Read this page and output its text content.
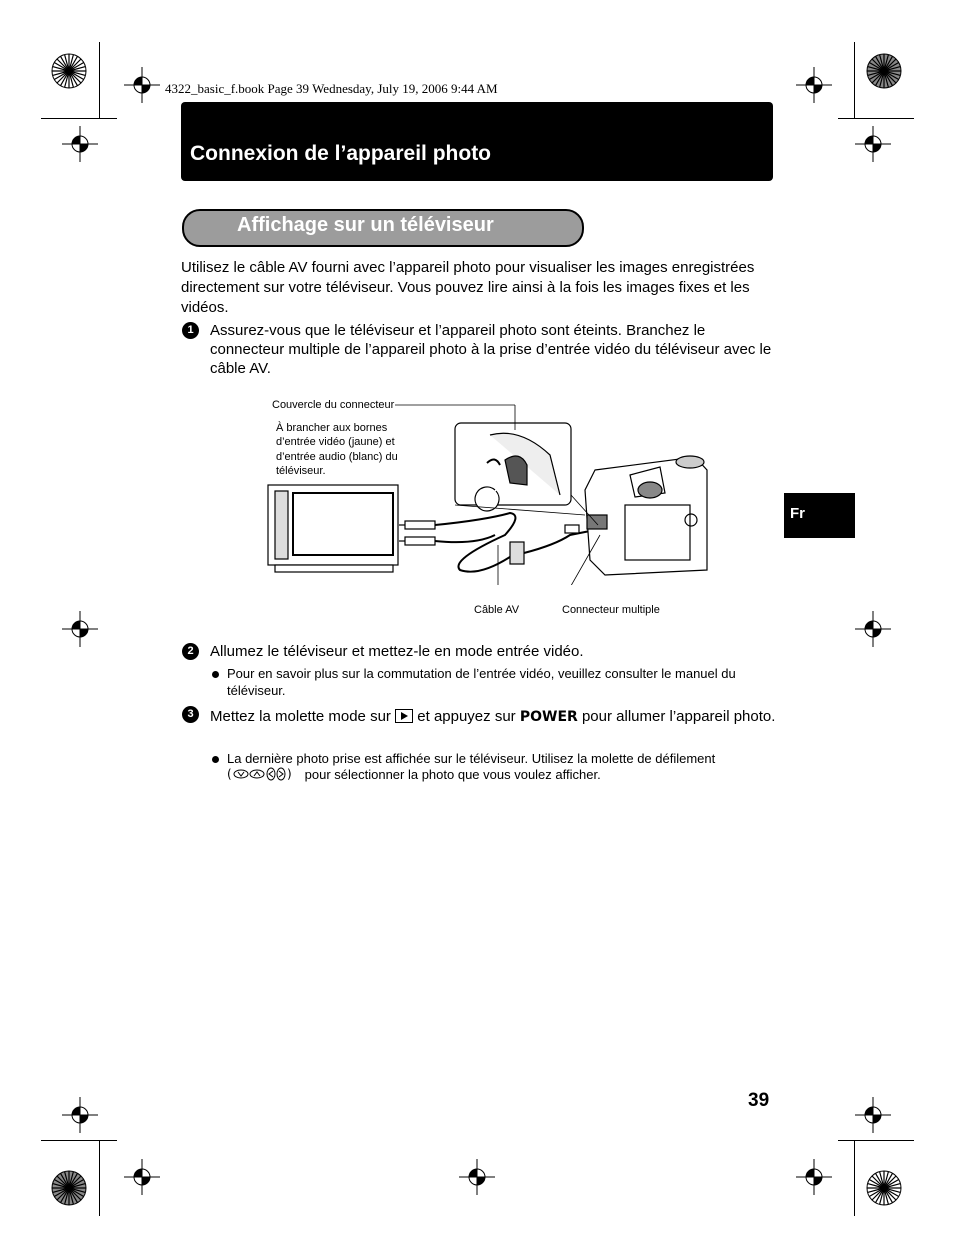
4322_basic_f.book Page 39 Wednesday, July 19, 2006 9:44 AM
Connexion de l’appareil photo
Affichage sur un téléviseur
Utilisez le câble AV fourni avec l’appareil photo pour visualiser les images enregistrées directement sur votre téléviseur. Vous pouvez lire ainsi à la fois les images fixes et les vidéos.
1	Assurez-vous que le téléviseur et l’appareil photo sont éteints. Branchez le connecteur multiple de l’appareil photo à la prise d’entrée vidéo du téléviseur avec le câble AV.
Couvercle du connecteur
À brancher aux bornes
d’entrée vidéo (jaune) et
d’entrée audio (blanc) du
téléviseur.
Câble AV	Connecteur multiple
2	Allumez le téléviseur et mettez-le en mode entrée vidéo.
Pour en savoir plus sur la commutation de l’entrée vidéo, veuillez consulter le manuel du téléviseur.
3	Mettez la molette mode sur et appuyez sur POWER pour allumer l’appareil photo.
La dernière photo prise est affichée sur le téléviseur. Utilisez la molette de défilement
(	) pour sélectionner la photo que vous voulez afficher.
Fr
39
